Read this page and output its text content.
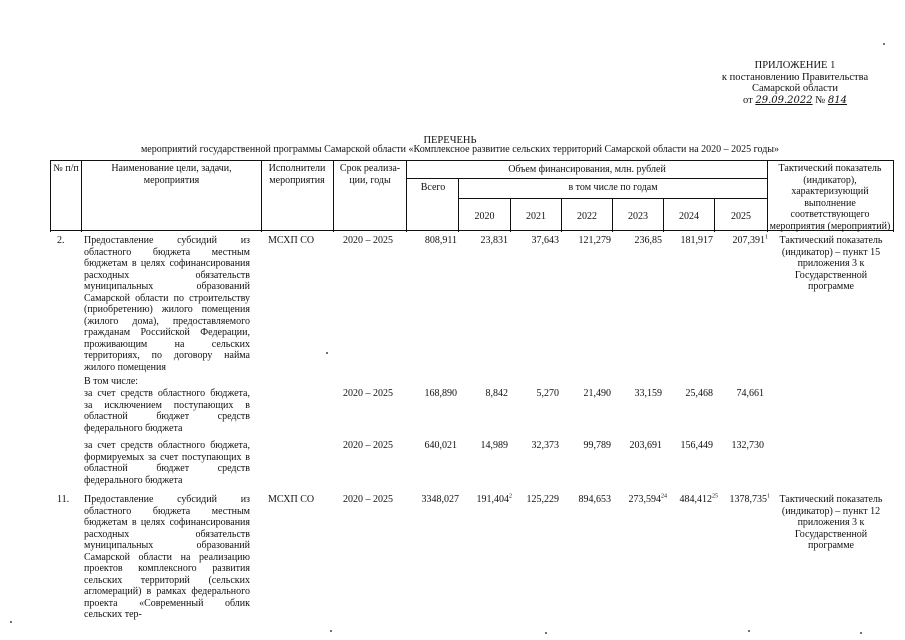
ПРИЛОЖЕНИЕ 1
к постановлению Правительства
Самарской области
от 29.09.2022 № 814
ПЕРЕЧЕНЬ
мероприятий государственной программы Самарской области «Комплексное развитие сельских территорий Самарской области на 2020 – 2025 годы»
№ п/п	Наименование цели, задачи, мероприятия
Исполнители мероприятия
Срок реализа-ции, годы
Объем финансирования, млн. рублей
Всего	в том числе по годам
2020	2021	2022	2023	2024	2025
Тактический показатель (индикатор), характеризующий выполнение соответствующего мероприятия (мероприятий)
2.	Предоставление субсидий из областного бюджета местным бюджетам в целях софинансирования расходных обязательств муниципальных образований Самарской области по строительству (приобретению) жилого помещения (жилого дома), предоставляемого гражданам Российской Федерации, проживающим на сельских территориях, по договору найма жилого помещения
МСХП СО	2020 – 2025	808,911	23,831	37,643	121,279	236,85	181,917	207,391$^1$	Тактический показатель (индикатор) – пункт 15 приложения 3 к Государственной программе
В том числе:
за счет средств областного бюджета, за исключением поступающих в областной бюджет средств федерального бюджета
2020 – 2025	168,890	8,842	5,270	21,490	33,159	25,468	74,661
за счет средств областного бюджета, формируемых за счет поступающих в областной бюджет средств федерального бюджета
2020 – 2025	640,021	14,989	32,373	99,789	203,691	156,449	132,730
11.	Предоставление субсидий из областного бюджета местным бюджетам в целях софинансирования расходных обязательств муниципальных образований Самарской области на реализацию проектов комплексного развития сельских территорий (сельских агломераций) в рамках федерального проекта «Современный облик сельских тер-
МСХП СО	2020 – 2025	3348,027	191,404$^2$	125,229	894,653	273,594$^{24}$	484,412$^{25}$	1378,735$^1$ Тактический показатель (индикатор) – пункт 12 приложения 3 к Государственной программе
